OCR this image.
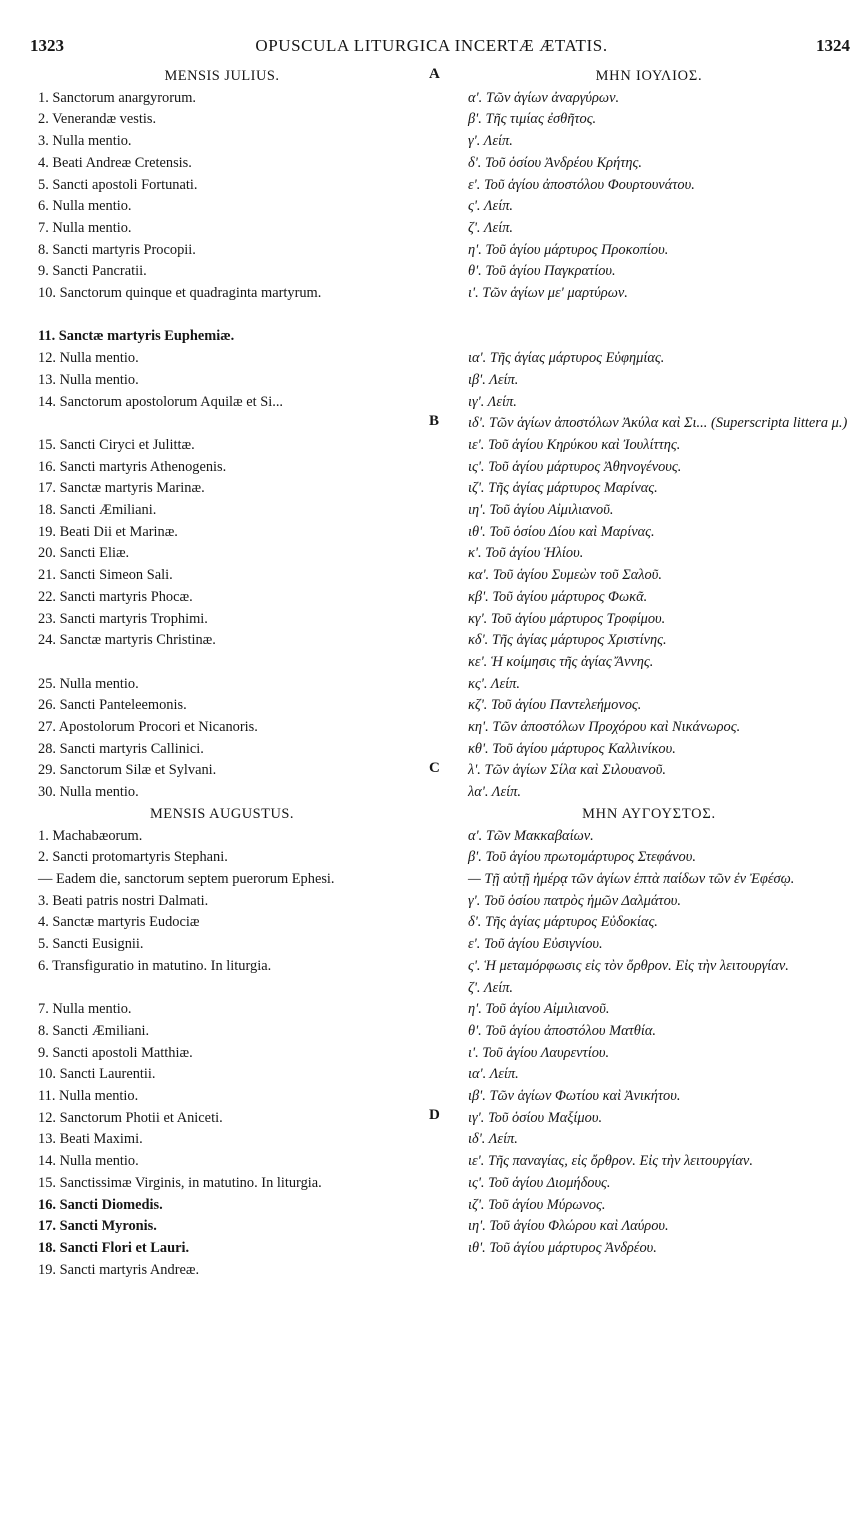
1323	OPUSCULA LITURGICA INCERTÆ ÆTATIS.	1324
A
B
C
D
MENSIS JULIUS.
1. Sanctorum anargyrorum.
2. Venerandæ vestis.
3. Nulla mentio.
4. Beati Andreæ Cretensis.
5. Sancti apostoli Fortunati.
6. Nulla mentio.
7. Nulla mentio.
8. Sancti martyris Procopii.
9. Sancti Pancratii.
10. Sanctorum quinque et quadraginta martyrum.
11. Sanctæ martyris Euphemiæ.
12. Nulla mentio.
13. Nulla mentio.
14. Sanctorum apostolorum Aquilæ et Si...
15. Sancti Ciryci et Julittæ.
16. Sancti martyris Athenogenis.
17. Sanctæ martyris Marinæ.
18. Sancti Æmiliani.
19. Beati Dii et Marinæ.
20. Sancti Eliæ.
21. Sancti Simeon Sali.
22. Sancti martyris Phocæ.
23. Sancti martyris Trophimi.
24. Sanctæ martyris Christinæ.
25. Nulla mentio.
26. Sancti Panteleemonis.
27. Apostolorum Procori et Nicanoris.
28. Sancti martyris Callinici.
29. Sanctorum Silæ et Sylvani.
30. Nulla mentio.
MENSIS AUGUSTUS.
1. Machabæorum.
2. Sancti protomartyris Stephani.
— Eadem die, sanctorum septem puerorum Ephesi.
3. Beati patris nostri Dalmati.
4. Sanctæ martyris Eudociæ
5. Sancti Eusignii.
6. Transfiguratio in matutino. In liturgia.
7. Nulla mentio.
8. Sancti Æmiliani.
9. Sancti apostoli Matthiæ.
10. Sancti Laurentii.
11. Nulla mentio.
12. Sanctorum Photii et Aniceti.
13. Beati Maximi.
14. Nulla mentio.
15. Sanctissimæ Virginis, in matutino. In liturgia.
16. Sancti Diomedis.
17. Sancti Myronis.
18. Sancti Flori et Lauri.
19. Sancti martyris Andreæ.
ΜΗΝ ΙΟΥΛΙΟΣ.
α'. Τῶν ἁγίων ἀναργύρων.
β'. Τῆς τιμίας ἐσθῆτος.
γ'. Λείπ.
δ'. Τοῦ ὁσίου Ἀνδρέου Κρήτης.
ε'. Τοῦ ἁγίου ἀποστόλου Φουρτουνάτου.
ς'. Λείπ.
ζ'. Λείπ.
η'. Τοῦ ἁγίου μάρτυρος Προκοπίου.
θ'. Τοῦ ἁγίου Παγκρατίου.
ι'. Τῶν ἁγίων με' μαρτύρων.
ια'. Τῆς ἁγίας μάρτυρος Εὐφημίας.
ιβ'. Λείπ.
ιγ'. Λείπ.
ιδ'. Τῶν ἁγίων ἀποστόλων Ἀκύλα καὶ Σι... (Superscripta littera μ.)
ιε'. Τοῦ ἁγίου Κηρύκου καὶ Ἰουλίττης.
ις'. Τοῦ ἁγίου μάρτυρος Ἀθηνογένους.
ιζ'. Τῆς ἁγίας μάρτυρος Μαρίνας.
ιη'. Τοῦ ἁγίου Αἰμιλιανοῦ.
ιθ'. Τοῦ ὁσίου Δίου καὶ Μαρίνας.
κ'. Τοῦ ἁγίου Ἡλίου.
κα'. Τοῦ ἁγίου Συμεὼν τοῦ Σαλοῦ.
κβ'. Τοῦ ἁγίου μάρτυρος Φωκᾶ.
κγ'. Τοῦ ἁγίου μάρτυρος Τροφίμου.
κδ'. Τῆς ἁγίας μάρτυρος Χριστίνης.
κε'. Ἡ κοίμησις τῆς ἁγίας Ἄννης.
κς'. Λείπ.
κζ'. Τοῦ ἁγίου Παντελεήμονος.
κη'. Τῶν ἀποστόλων Προχόρου καὶ Νικάνωρος.
κθ'. Τοῦ ἁγίου μάρτυρος Καλλινίκου.
λ'. Τῶν ἁγίων Σίλα καὶ Σιλουανοῦ.
λα'. Λείπ.
ΜΗΝ ΑΥΓΟΥΣΤΟΣ.
α'. Τῶν Μακκαβαίων.
β'. Τοῦ ἁγίου πρωτομάρτυρος Στεφάνου.
— Τῇ αὐτῇ ἡμέρᾳ τῶν ἁγίων ἑπτὰ παίδων τῶν ἐν Ἐφέσῳ.
γ'. Τοῦ ὁσίου πατρὸς ἡμῶν Δαλμάτου.
δ'. Τῆς ἁγίας μάρτυρος Εὐδοκίας.
ε'. Τοῦ ἁγίου Εὐσιγνίου.
ς'. Ἡ μεταμόρφωσις εἰς τὸν ὄρθρον. Εἰς τὴν λειτουργίαν.
ζ'. Λείπ.
η'. Τοῦ ἁγίου Αἰμιλιανοῦ.
θ'. Τοῦ ἁγίου ἀποστόλου Ματθία.
ι'. Τοῦ ἁγίου Λαυρεντίου.
ια'. Λείπ.
ιβ'. Τῶν ἁγίων Φωτίου καὶ Ἀνικήτου.
ιγ'. Τοῦ ὁσίου Μαξίμου.
ιδ'. Λείπ.
ιε'. Τῆς παναγίας, εἰς ὄρθρον. Εἰς τὴν λειτουργίαν.
ις'. Τοῦ ἁγίου Διομήδους.
ιζ'. Τοῦ ἁγίου Μύρωνος.
ιη'. Τοῦ ἁγίου Φλώρου καὶ Λαύρου.
ιθ'. Τοῦ ἁγίου μάρτυρος Ἀνδρέου.
